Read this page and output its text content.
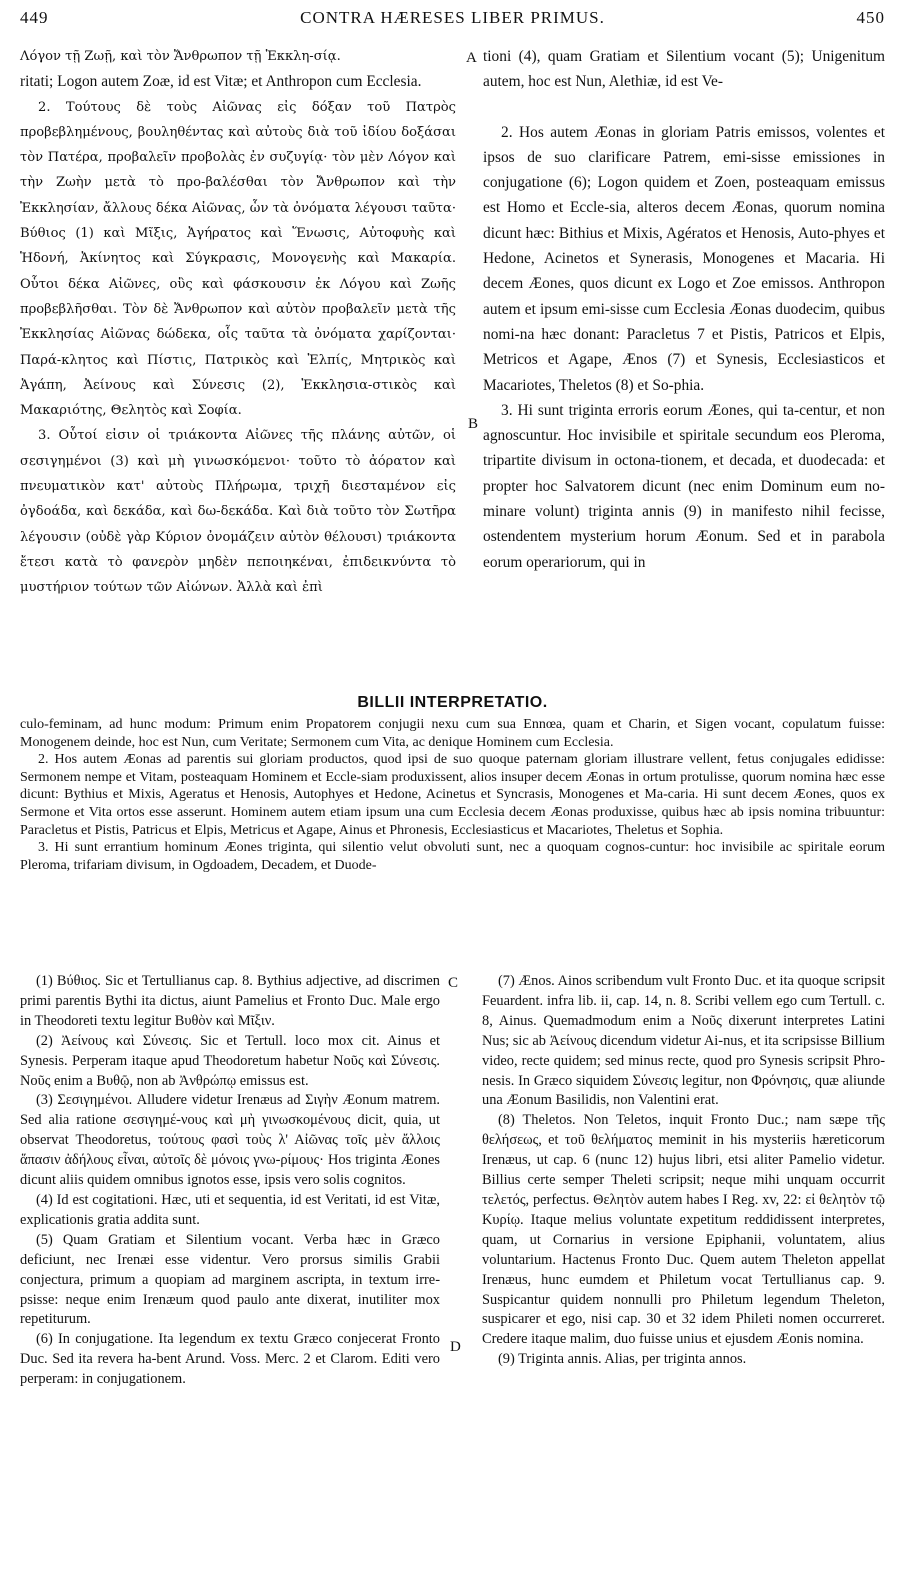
449	CONTRA HÆRESES LIBER PRIMUS.	450

Λόγον τῇ Ζωῇ, καὶ τὸν Ἄνθρωπον τῇ Ἐκκλη-σίᾳ.

ritati; Logon autem Zoæ, id est Vitæ; et Anthropon cum Ecclesia.

2. Τούτους δὲ τοὺς Αἰῶνας εἰς δόξαν τοῦ Πατρὸς προβεβλημένους, βουληθέντας καὶ αὐτοὺς διὰ τοῦ ἰδίου δοξάσαι τὸν Πατέρα, προβαλεῖν προβολὰς ἐν συζυγίᾳ· τὸν μὲν Λόγον καὶ τὴν Ζωὴν μετὰ τὸ προ-βαλέσθαι τὸν Ἄνθρωπον καὶ τὴν Ἐκκλησίαν, ἄλλους δέκα Αἰῶνας, ὧν τὰ ὀνόματα λέγουσι ταῦτα· Βύθιος (1) καὶ Μῖξις, Ἀγήρατος καὶ Ἕνωσις, Αὐτοφυὴς καὶ Ἡδονή, Ἀκίνητος καὶ Σύγκρασις, Μονογενὴς καὶ Μακαρία. Οὗτοι δέκα Αἰῶνες, οὓς καὶ φάσκουσιν ἐκ Λόγου καὶ Ζωῆς προβεβλῆσθαι. Τὸν δὲ Ἄνθρωπον καὶ αὐτὸν προβαλεῖν μετὰ τῆς Ἐκκλησίας Αἰῶνας δώδεκα, οἷς ταῦτα τὰ ὀνόματα χαρίζονται· Παρά-κλητος καὶ Πίστις, Πατρικὸς καὶ Ἐλπίς, Μητρικὸς καὶ Ἀγάπη, Ἀείνους καὶ Σύνεσις (2), Ἐκκλησια-στικὸς καὶ Μακαριότης, Θελητὸς καὶ Σοφία.

3. Οὗτοί εἰσιν οἱ τριάκοντα Αἰῶνες τῆς πλάνης αὐτῶν, οἱ σεσιγημένοι (3) καὶ μὴ γινωσκόμενοι· τοῦτο τὸ ἀόρατον καὶ πνευματικὸν κατ' αὐτοὺς Πλήρωμα, τριχῆ διεσταμένον εἰς ὀγδοάδα, καὶ δεκάδα, καὶ δω-δεκάδα. Καὶ διὰ τοῦτο τὸν Σωτῆρα λέγουσιν (οὐδὲ γὰρ Κύριον ὀνομάζειν αὐτὸν θέλουσι) τριάκοντα ἔτεσι κατὰ τὸ φανερὸν μηδὲν πεποιηκέναι, ἐπιδεικνύντα τὸ μυστήριον τούτων τῶν Αἰώνων. Ἀλλὰ καὶ ἐπὶ

tioni (4), quam Gratiam et Silentium vocant (5); Unigenitum autem, hoc est Nun, Alethiæ, id est Ve-

2. Hos autem Æonas in gloriam Patris emissos, volentes et ipsos de suo clarificare Patrem, emi-sisse emissiones in conjugatione (6); Logon quidem et Zoen, posteaquam emissus est Homo et Eccle-sia, alteros decem Æonas, quorum nomina dicunt hæc: Bithius et Mixis, Agératos et Henosis, Auto-phyes et Hedone, Acinetos et Synerasis, Monogenes et Macaria. Hi decem Æones, quos dicunt ex Logo et Zoe emissos. Anthropon autem et ipsum emi-sisse cum Ecclesia Æonas duodecim, quibus nomi-na hæc donant: Paracletus 7 et Pistis, Patricos et Elpis, Metricos et Agape, Ænos (7) et Synesis, Ecclesiasticos et Macariotes, Theletos (8) et So-phia.

3. Hi sunt triginta erroris eorum Æones, qui ta-centur, et non agnoscuntur. Hoc invisibile et spiritale secundum eos Pleroma, tripartite divisum in octona-tionem, et decada, et duodecada: et propter hoc Salvatorem dicunt (nec enim Dominum eum no-minare volunt) triginta annis (9) in manifesto nihil fecisse, ostendentem mysterium horum Æonum. Sed et in parabola eorum operariorum, qui in

A
B
BILLII INTERPRETATIO.

culo-feminam, ad hunc modum: Primum enim Propatorem conjugii nexu cum sua Ennœa, quam et Charin, et Sigen vocant, copulatum fuisse: Monogenem deinde, hoc est Nun, cum Veritate; Sermonem cum Vita, ac denique Hominem cum Ecclesia.

2. Hos autem Æonas ad parentis sui gloriam productos, quod ipsi de suo quoque paternam gloriam illustrare vellent, fetus conjugales edidisse: Sermonem nempe et Vitam, posteaquam Hominem et Eccle-siam produxissent, alios insuper decem Æonas in ortum protulisse, quorum nomina hæc esse dicunt: Bythius et Mixis, Ageratus et Henosis, Autophyes et Hedone, Acinetus et Syncrasis, Monogenes et Ma-caria. Hi sunt decem Æones, quos ex Sermone et Vita ortos esse asserunt. Hominem autem etiam ipsum una cum Ecclesia decem Æonas produxisse, quibus hæc ab ipsis nomina tribuuntur: Paracletus et Pistis, Patricus et Elpis, Metricus et Agape, Ainus et Phronesis, Ecclesiasticus et Macariotes, Theletus et Sophia.

3. Hi sunt errantium hominum Æones triginta, qui silentio velut obvoluti sunt, nec a quoquam cognos-cuntur: hoc invisibile ac spiritale eorum Pleroma, trifariam divisum, in Ogdoadem, Decadem, et Duode-

(1) Βύθιος. Sic et Tertullianus cap. 8. Bythius adjective, ad discrimen primi parentis Bythi ita dictus, aiunt Pamelius et Fronto Duc. Male ergo in Theodoreti textu legitur Βυθὸν καὶ Μῖξιν.

(2) Ἀείνους καὶ Σύνεσις. Sic et Tertull. loco mox cit. Ainus et Synesis. Perperam itaque apud Theodoretum habetur Νοῦς καὶ Σύνεσις. Νοῦς enim a Βυθῷ, non ab Ἀνθρώπῳ emissus est.

(3) Σεσιγημένοι. Alludere videtur Irenæus ad Σιγὴν Æonum matrem. Sed alia ratione σεσιγημέ-νους καὶ μὴ γινωσκομένους dicit, quia, ut observat Theodoretus, τούτους φασὶ τοὺς λ' Αἰῶνας τοῖς μὲν ἄλλοις ἅπασιν ἀδήλους εἶναι, αὐτοῖς δὲ μόνοις γνω-ρίμους· Hos triginta Æones dicunt aliis quidem omnibus ignotos esse, ipsis vero solis cognitos.

(4) Id est cogitationi. Hæc, uti et sequentia, id est Veritati, id est Vitæ, explicationis gratia addita sunt.

(5) Quam Gratiam et Silentium vocant. Verba hæc in Græco deficiunt, nec Irenæi esse videntur. Vero prorsus similis Grabii conjectura, primum a quopiam ad marginem ascripta, in textum irre-psisse: neque enim Irenæum quod paulo ante dixerat, inutiliter mox repetiturum.

(6) In conjugatione. Ita legendum ex textu Græco conjecerat Fronto Duc. Sed ita revera ha-bent Arund. Voss. Merc. 2 et Clarom. Editi vero perperam: in conjugationem.

(7) Ænos. Ainos scribendum vult Fronto Duc. et ita quoque scripsit Feuardent. infra lib. ii, cap. 14, n. 8. Scribi vellem ego cum Tertull. c. 8, Ainus. Quemadmodum enim a Νοῦς dixerunt interpretes Latini Nus; sic ab Ἀείνους dicendum videtur Ai-nus, et ita scripsisse Billium video, recte quidem; sed minus recte, quod pro Synesis scripsit Phro-nesis. In Græco siquidem Σύνεσις legitur, non Φρόνησις, quæ aliunde una Æonum Basilidis, non Valentini erat.

(8) Theletos. Non Teletos, inquit Fronto Duc.; nam sæpe τῆς θελήσεως, et τοῦ θελήματος meminit in his mysteriis hæreticorum Irenæus, ut cap. 6 (nunc 12) hujus libri, etsi aliter Pamelio videtur. Billius certe semper Theleti scripsit; neque mihi unquam occurrit τελετός, perfectus. Θελητὸν autem habes I Reg. xv, 22: εἰ θελητὸν τῷ Κυρίῳ. Itaque melius voluntate expetitum reddidissent interpretes, quam, ut Cornarius in versione Epiphanii, voluntatem, alius voluntarium. Hactenus Fronto Duc. Quem autem Theleton appellat Irenæus, hunc eumdem et Philetum vocat Tertullianus cap. 9. Suspicantur quidem nonnulli pro Philetum legendum Theleton, suspicarer et ego, nisi cap. 30 et 32 idem Phileti nomen occurreret. Credere itaque malim, duo fuisse unius et ejusdem Æonis nomina.

(9) Triginta annis. Alias, per triginta annos.

C
D
